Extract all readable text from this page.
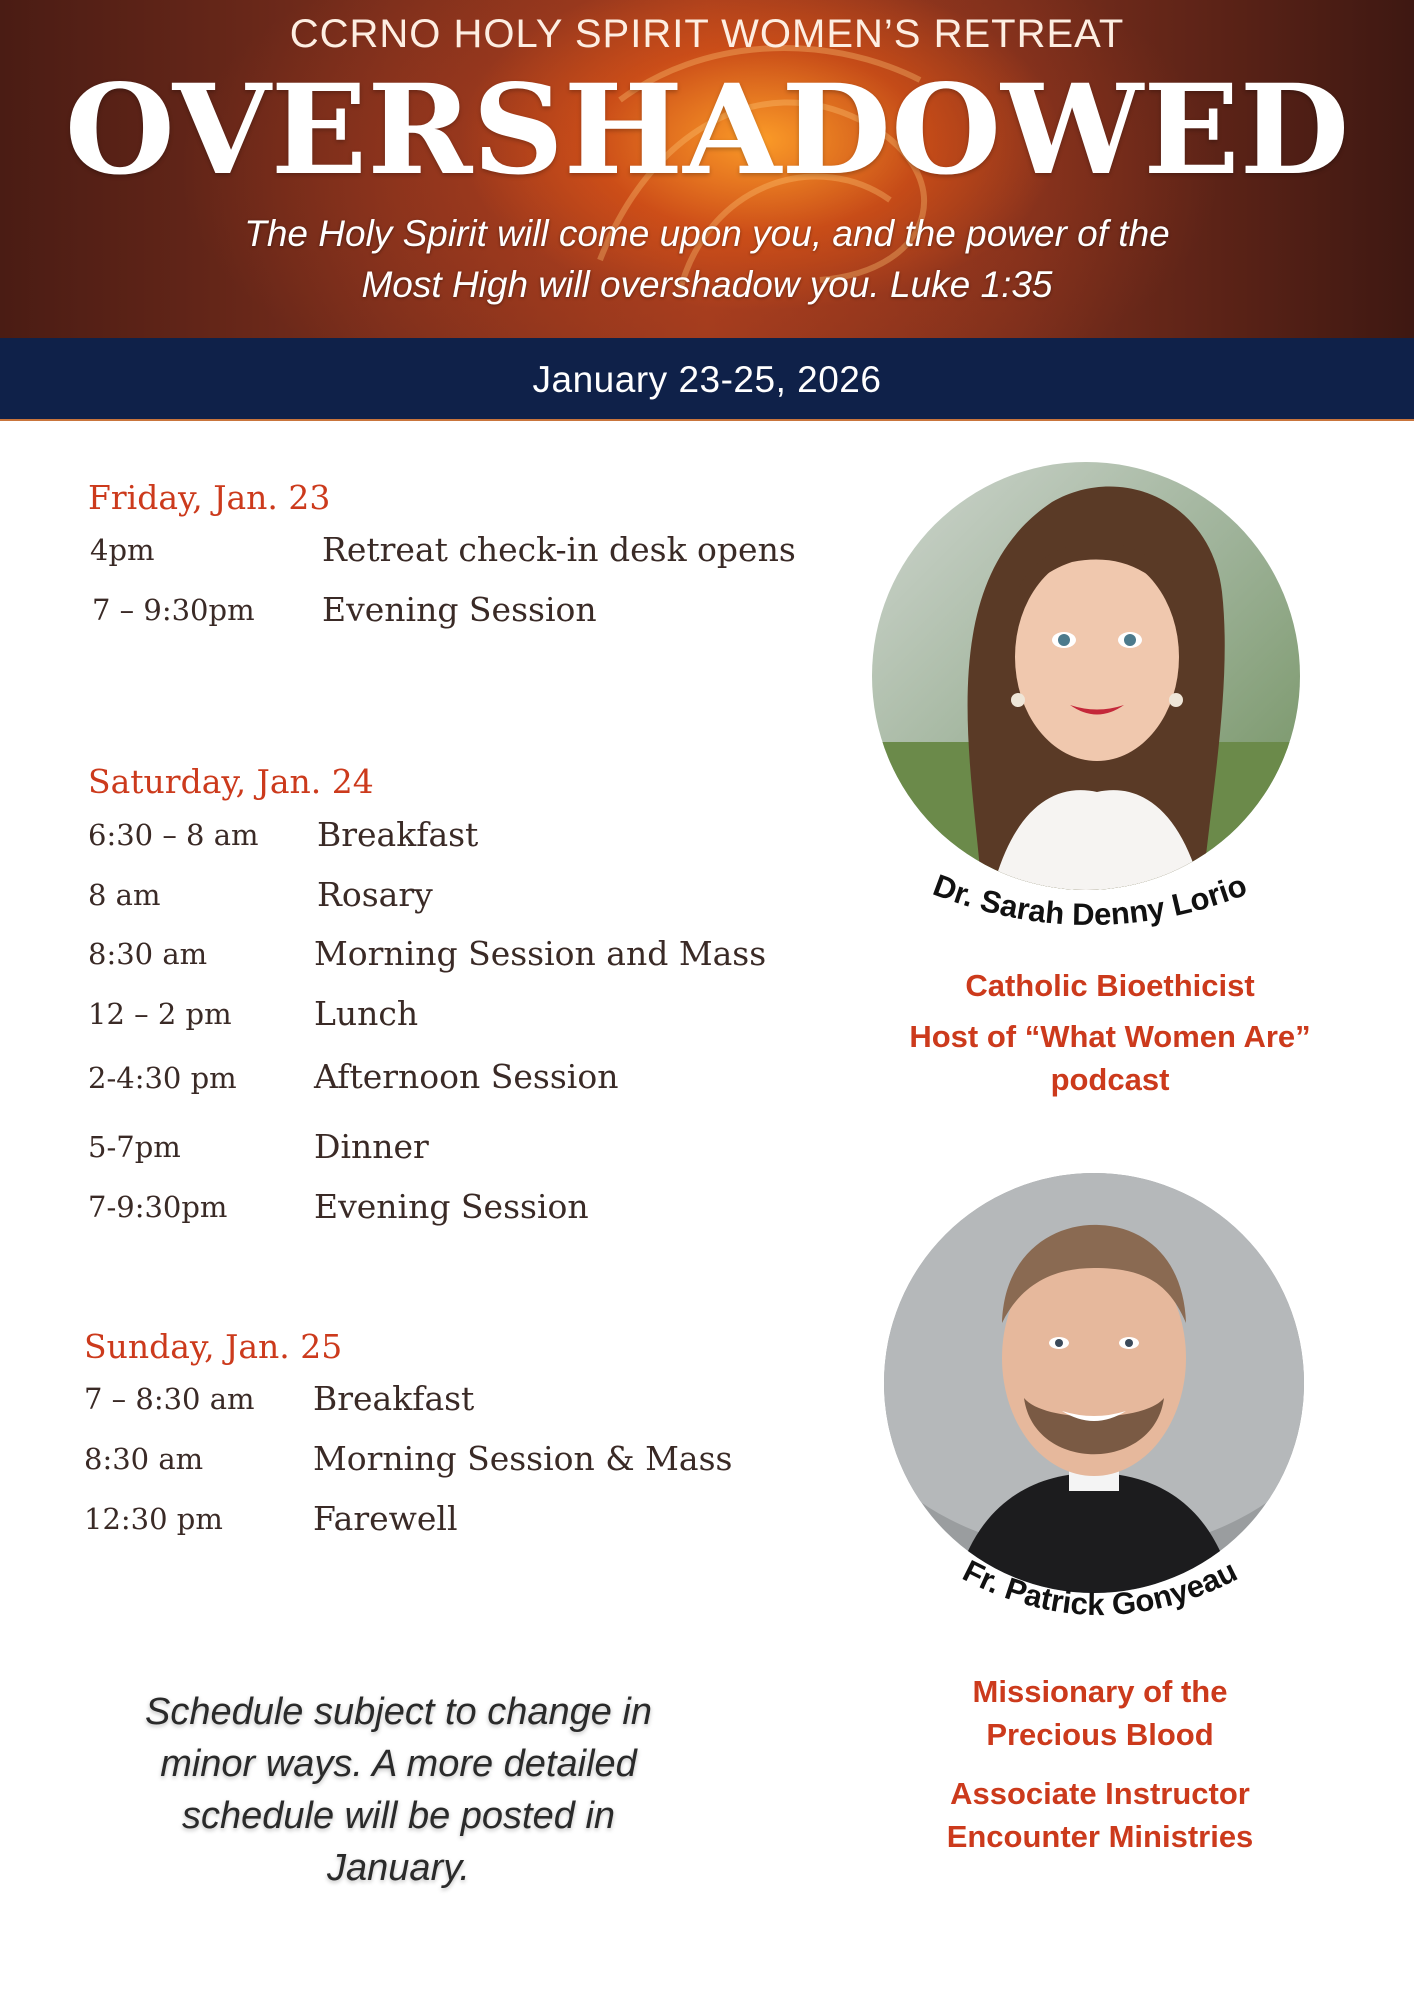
CCRNO HOLY SPIRIT WOMEN’S RETREAT
OVERSHADOWED
The Holy Spirit will come upon you, and the power of the
Most High will overshadow you. Luke 1:35
January 23-25, 2026
Friday, Jan. 23
4pm	Retreat check-in desk opens
7 – 9:30pm Evening Session
Saturday, Jan. 24
6:30 – 8 am Breakfast
8 am	Rosary
8:30 am	Morning Session and Mass
12 – 2 pm Lunch
2-4:30 pm Afternoon Session
5-7pm	Dinner
7-9:30pm	Evening Session
Sunday, Jan. 25
7 – 8:30 am Breakfast
8:30 am	Morning Session & Mass
12:30 pm	Farewell
Schedule subject to change in
minor ways. A more detailed
schedule will be posted in
January.
Dr. Sarah Denny Lorio
Catholic Bioethicist
Host of “What Women Are”
podcast
Fr. Patrick Gonyeau
Missionary of the
Precious Blood
Associate Instructor
Encounter Ministries
